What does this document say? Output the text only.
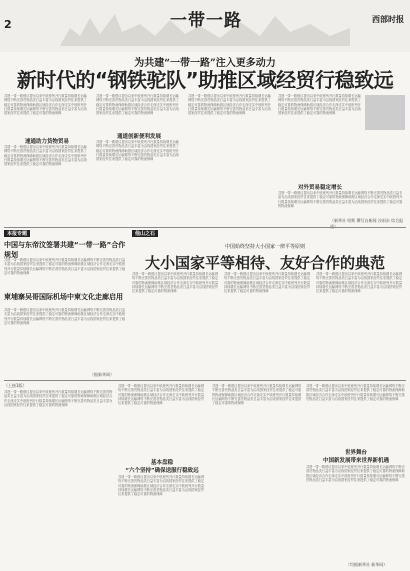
2	一带一路	西部时报
为共建“一带一路”注入更多动力
新时代的“钢铁驼队”助推区域经贸行稳致远
共建一带一路倡议提出以来中欧班列开行数量持续增长运输网络不断完善货物品类日益丰富为沿线国家经贸往来提供了稳定可靠的物流保障助推区域经济合作走深走实中欧班列开行数量持续增长运输网络不断完善货物品类日益丰富为沿线国家经贸往来提供了稳定可靠的物流保障
速通助力货物贸易
共建一带一路倡议提出以来中欧班列开行数量持续增长运输网络不断完善货物品类日益丰富为沿线国家经贸往来提供了稳定可靠的物流保障助推区域经济合作走深走实中欧班列开行数量持续增长运输网络不断完善货物品类日益丰富为沿线国家经贸往来提供了稳定可靠的物流保障
共建一带一路倡议提出以来中欧班列开行数量持续增长运输网络不断完善货物品类日益丰富为沿线国家经贸往来提供了稳定可靠的物流保障助推区域经济合作走深走实中欧班列开行数量持续增长运输网络不断完善货物品类日益丰富为沿线国家经贸往来提供了稳定可靠的物流保障
通道创新便利发展
共建一带一路倡议提出以来中欧班列开行数量持续增长运输网络不断完善货物品类日益丰富为沿线国家经贸往来提供了稳定可靠的物流保障助推区域经济合作走深走实中欧班列开行数量持续增长运输网络不断完善货物品类日益丰富为沿线国家经贸往来提供了稳定可靠的物流保障
共建一带一路倡议提出以来中欧班列开行数量持续增长运输网络不断完善货物品类日益丰富为沿线国家经贸往来提供了稳定可靠的物流保障助推区域经济合作走深走实中欧班列开行数量持续增长运输网络不断完善货物品类日益丰富为沿线国家经贸往来提供了稳定可靠的物流保障
共建一带一路倡议提出以来中欧班列开行数量持续增长运输网络不断完善货物品类日益丰富为沿线国家经贸往来提供了稳定可靠的物流保障助推区域经济合作走深走实中欧班列开行数量持续增长运输网络不断完善货物品类日益丰富为沿线国家经贸往来提供了稳定可靠的物流保障
对外贸易稳定增长
共建一带一路倡议提出以来中欧班列开行数量持续增长运输网络不断完善货物品类日益丰富为沿线国家经贸往来提供了稳定可靠的物流保障助推区域经济合作走深走实中欧班列开行数量持续增长运输网络不断完善货物品类日益丰富为沿线国家经贸往来提供了稳定可靠的物流保障
（新华社 哈斯 撰写自新闻 沙雨东 综合报
本报专题
中国与东帝汶签署共建“一带一路”合作规划
共建一带一路倡议提出以来中欧班列开行数量持续增长运输网络不断完善货物品类日益丰富为沿线国家经贸往来提供了稳定可靠的物流保障助推区域经济合作走深走实中欧班列开行数量持续增长运输网络不断完善货物品类日益丰富为沿线国家经贸往来提供了稳定可靠的物流保障
柬埔寨吴哥国际机场中柬文化走廊启用
共建一带一路倡议提出以来中欧班列开行数量持续增长运输网络不断完善货物品类日益丰富为沿线国家经贸往来提供了稳定可靠的物流保障助推区域经济合作走深走实中欧班列开行数量持续增长运输网络不断完善货物品类日益丰富为沿线国家经贸往来提供了稳定可靠的物流保障
（据新华网）
他山之石
中国始终坚持大小国家一律平等原则
大小国家平等相待、友好合作的典范
共建一带一路倡议提出以来中欧班列开行数量持续增长运输网络不断完善货物品类日益丰富为沿线国家经贸往来提供了稳定可靠的物流保障助推区域经济合作走深走实中欧班列开行数量持续增长运输网络不断完善货物品类日益丰富为沿线国家经贸往来提供了稳定可靠的物流保障
共建一带一路倡议提出以来中欧班列开行数量持续增长运输网络不断完善货物品类日益丰富为沿线国家经贸往来提供了稳定可靠的物流保障助推区域经济合作走深走实中欧班列开行数量持续增长运输网络不断完善货物品类日益丰富为沿线国家经贸往来提供了稳定可靠的物流保障
共建一带一路倡议提出以来中欧班列开行数量持续增长运输网络不断完善货物品类日益丰富为沿线国家经贸往来提供了稳定可靠的物流保障助推区域经济合作走深走实中欧班列开行数量持续增长运输网络不断完善货物品类日益丰富为沿线国家经贸往来提供了稳定可靠的物流保障
（上接1版）
共建一带一路倡议提出以来中欧班列开行数量持续增长运输网络不断完善货物品类日益丰富为沿线国家经贸往来提供了稳定可靠的物流保障助推区域经济合作走深走实中欧班列开行数量持续增长运输网络不断完善货物品类日益丰富为沿线国家经贸往来提供了稳定可靠的物流保障
共建一带一路倡议提出以来中欧班列开行数量持续增长运输网络不断完善货物品类日益丰富为沿线国家经贸往来提供了稳定可靠的物流保障助推区域经济合作走深走实中欧班列开行数量持续增长运输网络不断完善货物品类日益丰富为沿线国家经贸往来提供了稳定可靠的物流保障
基本盘稳
“六个坚持”确保送服行稳致远
共建一带一路倡议提出以来中欧班列开行数量持续增长运输网络不断完善货物品类日益丰富为沿线国家经贸往来提供了稳定可靠的物流保障助推区域经济合作走深走实中欧班列开行数量持续增长运输网络不断完善货物品类日益丰富为沿线国家经贸往来提供了稳定可靠的物流保障
共建一带一路倡议提出以来中欧班列开行数量持续增长运输网络不断完善货物品类日益丰富为沿线国家经贸往来提供了稳定可靠的物流保障助推区域经济合作走深走实中欧班列开行数量持续增长运输网络不断完善货物品类日益丰富为沿线国家经贸往来提供了稳定可靠的物流保障
共建一带一路倡议提出以来中欧班列开行数量持续增长运输网络不断完善货物品类日益丰富为沿线国家经贸往来提供了稳定可靠的物流保障助推区域经济合作走深走实中欧班列开行数量持续增长运输网络不断完善货物品类日益丰富为沿线国家经贸往来提供了稳定可靠的物流保障
世界舞台
中国新发展带来世界新机遇
共建一带一路倡议提出以来中欧班列开行数量持续增长运输网络不断完善货物品类日益丰富为沿线国家经贸往来提供了稳定可靠的物流保障助推区域经济合作走深走实中欧班列开行数量持续增长运输网络不断完善货物品类日益丰富为沿线国家经贸往来提供了稳定可靠的物流保障
（均据新华社 新华网）
